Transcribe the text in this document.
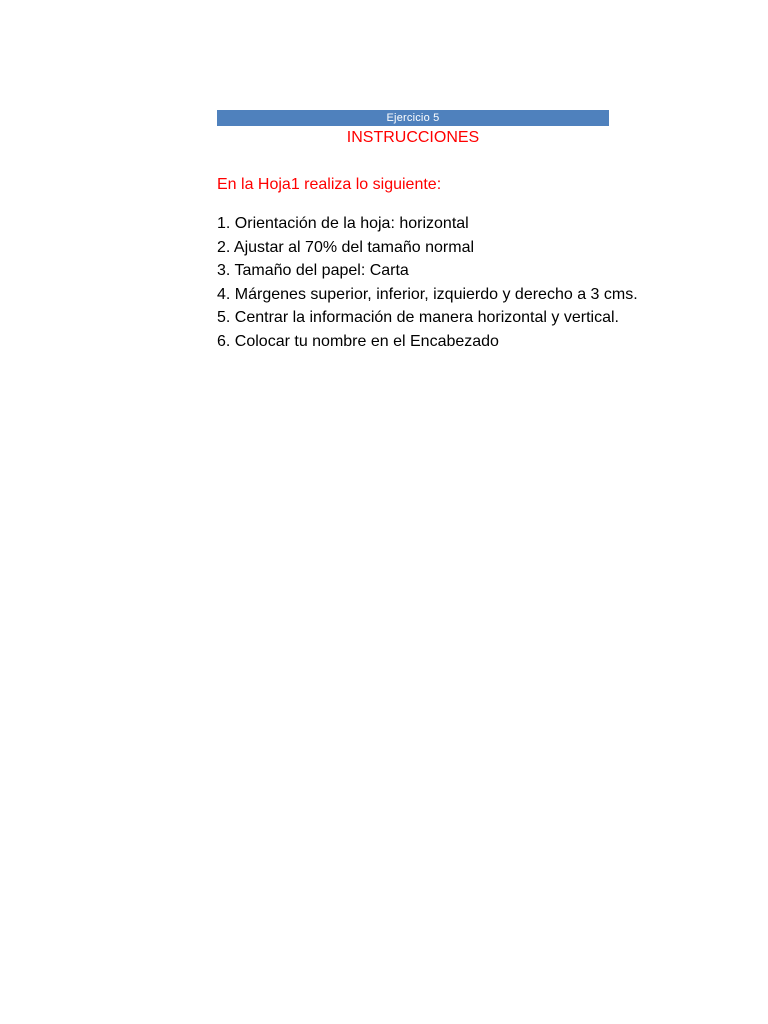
Ejercicio 5
INSTRUCCIONES
En la Hoja1 realiza lo siguiente:
1. Orientación de la hoja: horizontal
2. Ajustar al 70% del tamaño normal
3. Tamaño del papel: Carta
4. Márgenes superior, inferior, izquierdo y derecho a 3 cms.
5. Centrar la información de manera horizontal y vertical.
6. Colocar tu nombre en el Encabezado
